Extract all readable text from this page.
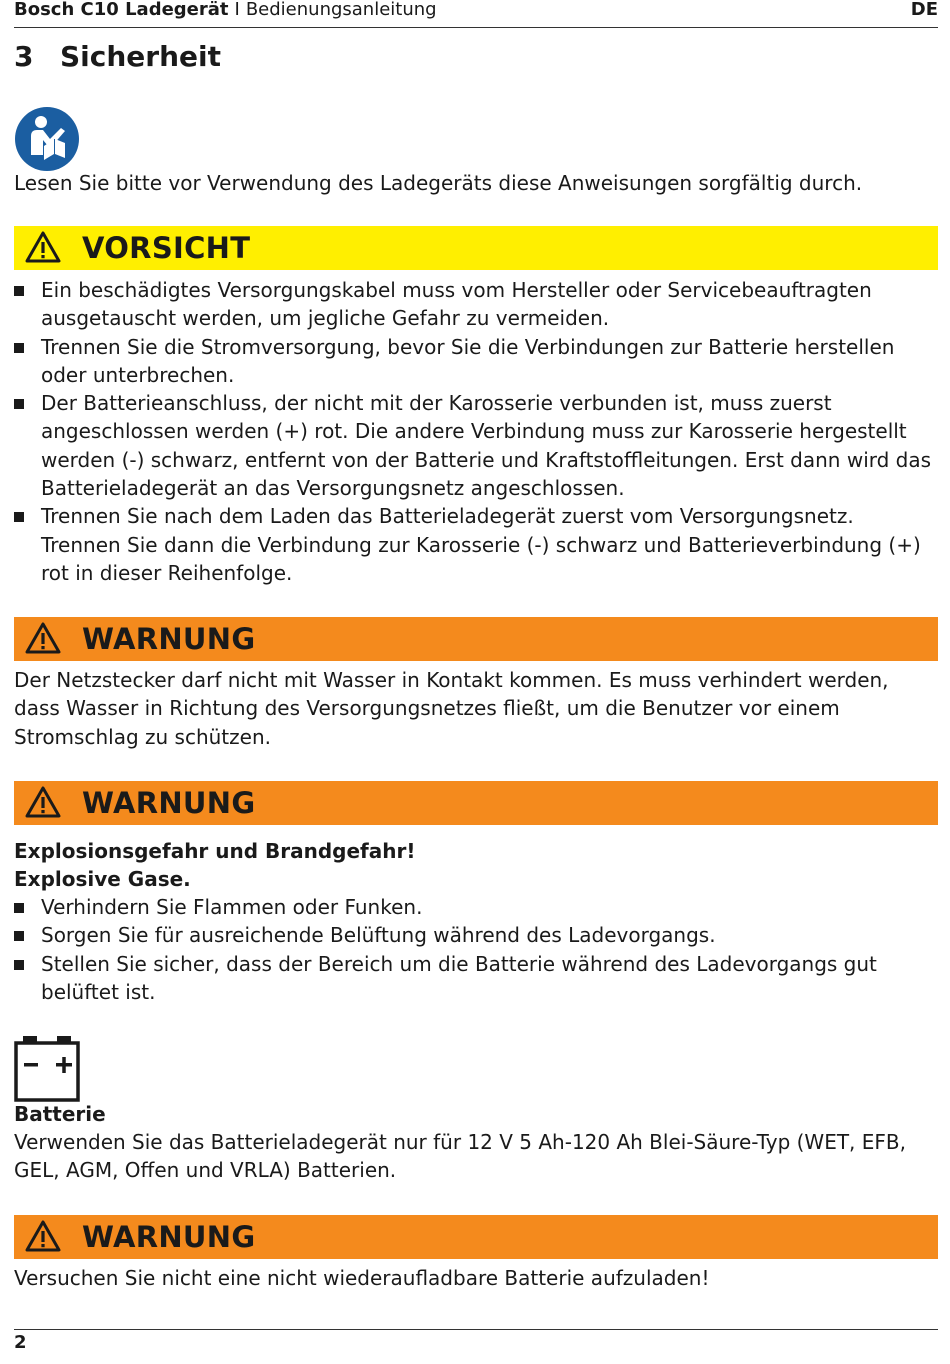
Bosch C10 Ladegerät I Bedienungsanleitung	DE
3 Sicherheit
Lesen Sie bitte vor Verwendung des Ladegeräts diese Anweisungen sorgfältig durch.
VORSICHT
Ein beschädigtes Versorgungskabel muss vom Hersteller oder Servicebeauftragten ausgetauscht werden, um jegliche Gefahr zu vermeiden.
Trennen Sie die Stromversorgung, bevor Sie die Verbindungen zur Batterie herstellen oder unterbrechen.
Der Batterieanschluss, der nicht mit der Karosserie verbunden ist, muss zuerst angeschlossen werden (+) rot. Die andere Verbindung muss zur Karosserie hergestellt werden (-) schwarz, entfernt von der Batterie und Kraftstoffleitungen. Erst dann wird das Batterieladegerät an das Versorgungsnetz angeschlossen.
Trennen Sie nach dem Laden das Batterieladegerät zuerst vom Versorgungsnetz. Trennen Sie dann die Verbindung zur Karosserie (-) schwarz und Batterieverbindung (+) rot in dieser Reihenfolge.
WARNUNG

Der Netzstecker darf nicht mit Wasser in Kontakt kommen. Es muss verhindert werden, dass Wasser in Richtung des Versorgungsnetzes fließt, um die Benutzer vor einem Stromschlag zu schützen.

WARNUNG

Explosionsgefahr und Brandgefahr!

Explosive Gase.

Verhindern Sie Flammen oder Funken.
Sorgen Sie für ausreichende Belüftung während des Ladevorgangs.
Stellen Sie sicher, dass der Bereich um die Batterie während des Ladevorgangs gut belüftet ist.

Batterie

Verwenden Sie das Batterieladegerät nur für 12 V 5 Ah-120 Ah Blei-Säure-Typ (WET, EFB, GEL, AGM, Offen und VRLA) Batterien.

WARNUNG

Versuchen Sie nicht eine nicht wiederaufladbare Batterie aufzuladen!

2
